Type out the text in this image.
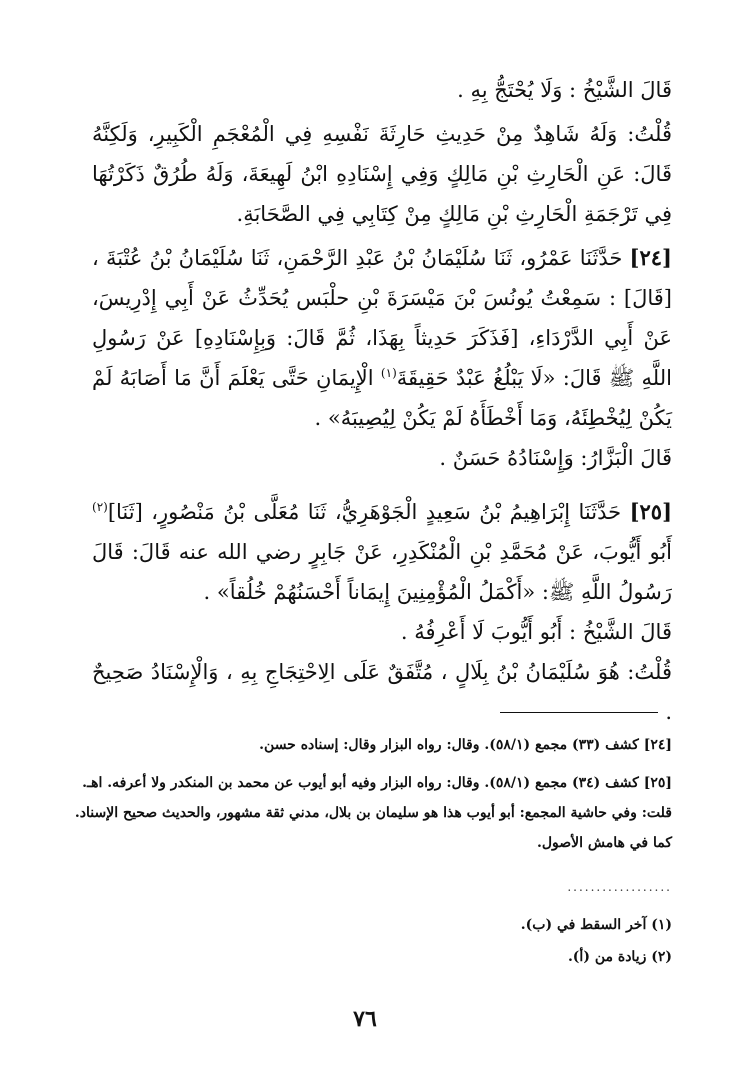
قَالَ الشَّيْخُ : وَلَا يُحْتَجُّ بِهِ .

قُلْتُ: وَلَهُ شَاهِدٌ مِنْ حَدِيثِ حَارِثَةَ نَفْسِهِ فِي الْمُعْجَمِ الْكَبِيرِ، وَلَكِنَّهُ قَالَ: عَنِ الْحَارِثِ بْنِ مَالِكٍ وَفِي إِسْنَادِهِ ابْنُ لَهِيعَةَ، وَلَهُ طُرُقٌ ذَكَرْتُهَا فِي تَرْجَمَةِ الْحَارِثِ بْنِ مَالِكٍ مِنْ كِتَابِي فِي الصَّحَابَةِ.

[٢٤] حَدَّثَنَا عَمْرُو، ثَنَا سُلَيْمَانُ بْنُ عَبْدِ الرَّحْمَنِ، ثَنَا سُلَيْمَانُ بْنُ عُتْبَةَ ، [قَالَ] : سَمِعْتُ يُونُسَ بْنَ مَيْسَرَةَ بْنِ حلْبَس يُحَدِّثُ عَنْ أَبِي إِدْرِيسَ، عَنْ أَبِي الدَّرْدَاءِ، [فَذَكَرَ حَدِيثاً بِهَذَا، ثُمَّ قَالَ: وَبِإِسْنَادِهِ] عَنْ رَسُولِ اللَّهِ ﷺ قَالَ: «لَا يَبْلُغُ عَبْدٌ حَقِيقَةَ$^{(١)}$ الْإِيمَانِ حَتَّى يَعْلَمَ أَنَّ مَا أَصَابَهُ لَمْ يَكُنْ لِيُخْطِئَهُ، وَمَا أَخْطَأَهُ لَمْ يَكُنْ لِيُصِيبَهُ» .

قَالَ الْبَزَّارُ: وَإِسْنَادُهُ حَسَنٌ .

[٢٥] حَدَّثَنَا إِبْرَاهِيمُ بْنُ سَعِيدٍ الْجَوْهَرِيُّ، ثَنَا مُعَلَّى بْنُ مَنْصُورٍ، [ثَنَا]$^{(٢)}$ أَبُو أَيُّوبَ، عَنْ مُحَمَّدِ بْنِ الْمُنْكَدِرِ، عَنْ جَابِرٍ رضي الله عنه قَالَ: قَالَ رَسُولُ اللَّهِ ﷺ: «أَكْمَلُ الْمُؤْمِنِينَ إِيمَاناً أَحْسَنُهُمْ خُلُقاً» .

قَالَ الشَّيْخُ : أَبُو أَيُّوبَ لَا أَعْرِفُهُ .

قُلْتُ: هُوَ سُلَيْمَانُ بْنُ بِلَالٍ ، مُتَّفَقٌ عَلَى الِاحْتِجَاجِ بِهِ ، وَالْإِسْنَادُ صَحِيحٌ .

[٢٤] كشف (٣٣) مجمع (٥٨/١). وقال: رواه البزار وقال: إسناده حسن.

[٢٥] كشف (٣٤) مجمع (٥٨/١). وقال: رواه البزار وفيه أبو أيوب عن محمد بن المنكدر ولا أعرفه. اهـ. قلت: وفي حاشية المجمع: أبو أيوب هذا هو سليمان بن بلال، مدني ثقة مشهور، والحديث صحيح الإسناد. كما في هامش الأصول.

..................
(١) آخر السقط في (ب).
(٢) زيادة من (أ).
٧٦
